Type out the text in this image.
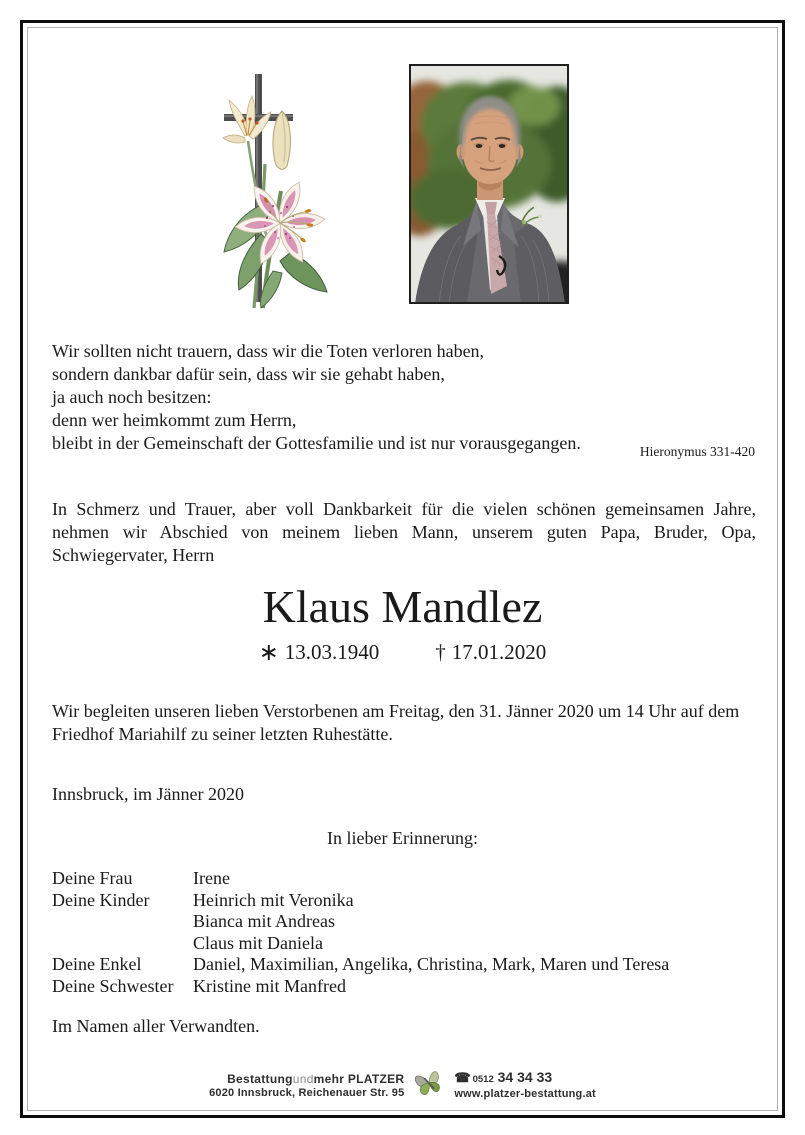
Wir sollten nicht trauern, dass wir die Toten verloren haben,
sondern dankbar dafür sein, dass wir sie gehabt haben,
ja auch noch besitzen:
denn wer heimkommt zum Herrn,
bleibt in der Gemeinschaft der Gottesfamilie und ist nur vorausgegangen.	Hieronymus 331-420
In Schmerz und Trauer, aber voll Dankbarkeit für die vielen schönen gemeinsamen Jahre, nehmen wir Abschied von meinem lieben Mann, unserem guten Papa, Bruder, Opa, Schwiegervater, Herrn
Klaus Mandlez
∗ 13.03.1940	† 17.01.2020
Wir begleiten unseren lieben Verstorbenen am Freitag, den 31. Jänner 2020 um 14 Uhr auf dem Friedhof Mariahilf zu seiner letzten Ruhestätte.
Innsbruck, im Jänner 2020
In lieber Erinnerung:
Deine Frau	Irene
Deine Kinder	Heinrich mit Veronika
Bianca mit Andreas
Claus mit Daniela
Deine Enkel	Daniel, Maximilian, Angelika, Christina, Mark, Maren und Teresa
Deine Schwester	Kristine mit Manfred
Im Namen aller Verwandten.
Bestattungundmehr PLATZER
6020 Innsbruck, Reichenauer Str. 95
☎ 0512 34 34 33
www.platzer-bestattung.at
